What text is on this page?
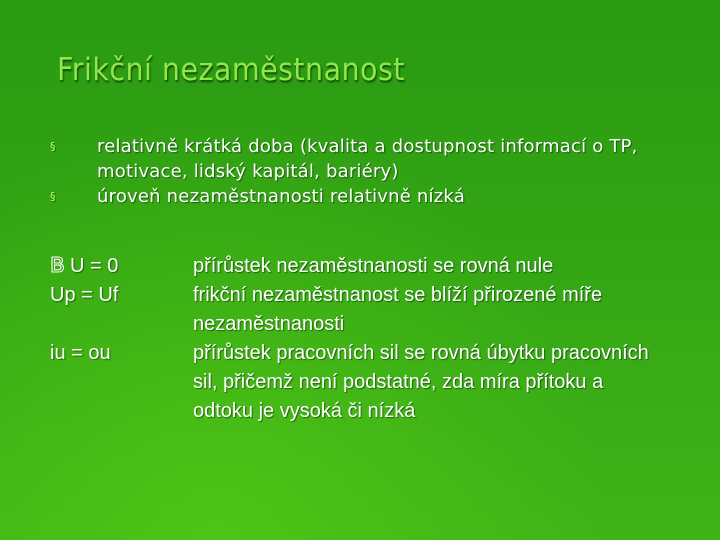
Frikční nezaměstnanost
§ relativně krátká doba (kvalita a dostupnost informací o TP, motivace, lidský kapitál, bariéry)
§ úroveň nezaměstnanosti relativně nízká
U = 0
Up = Uf
iu = ou
přírůstek nezaměstnanosti se rovná nule
frikční nezaměstnanost se blíží přirozené míře nezaměstnanosti
přírůstek pracovních sil se rovná úbytku pracovních sil, přičemž není podstatné, zda míra přítoku a odtoku je vysoká či nízká
